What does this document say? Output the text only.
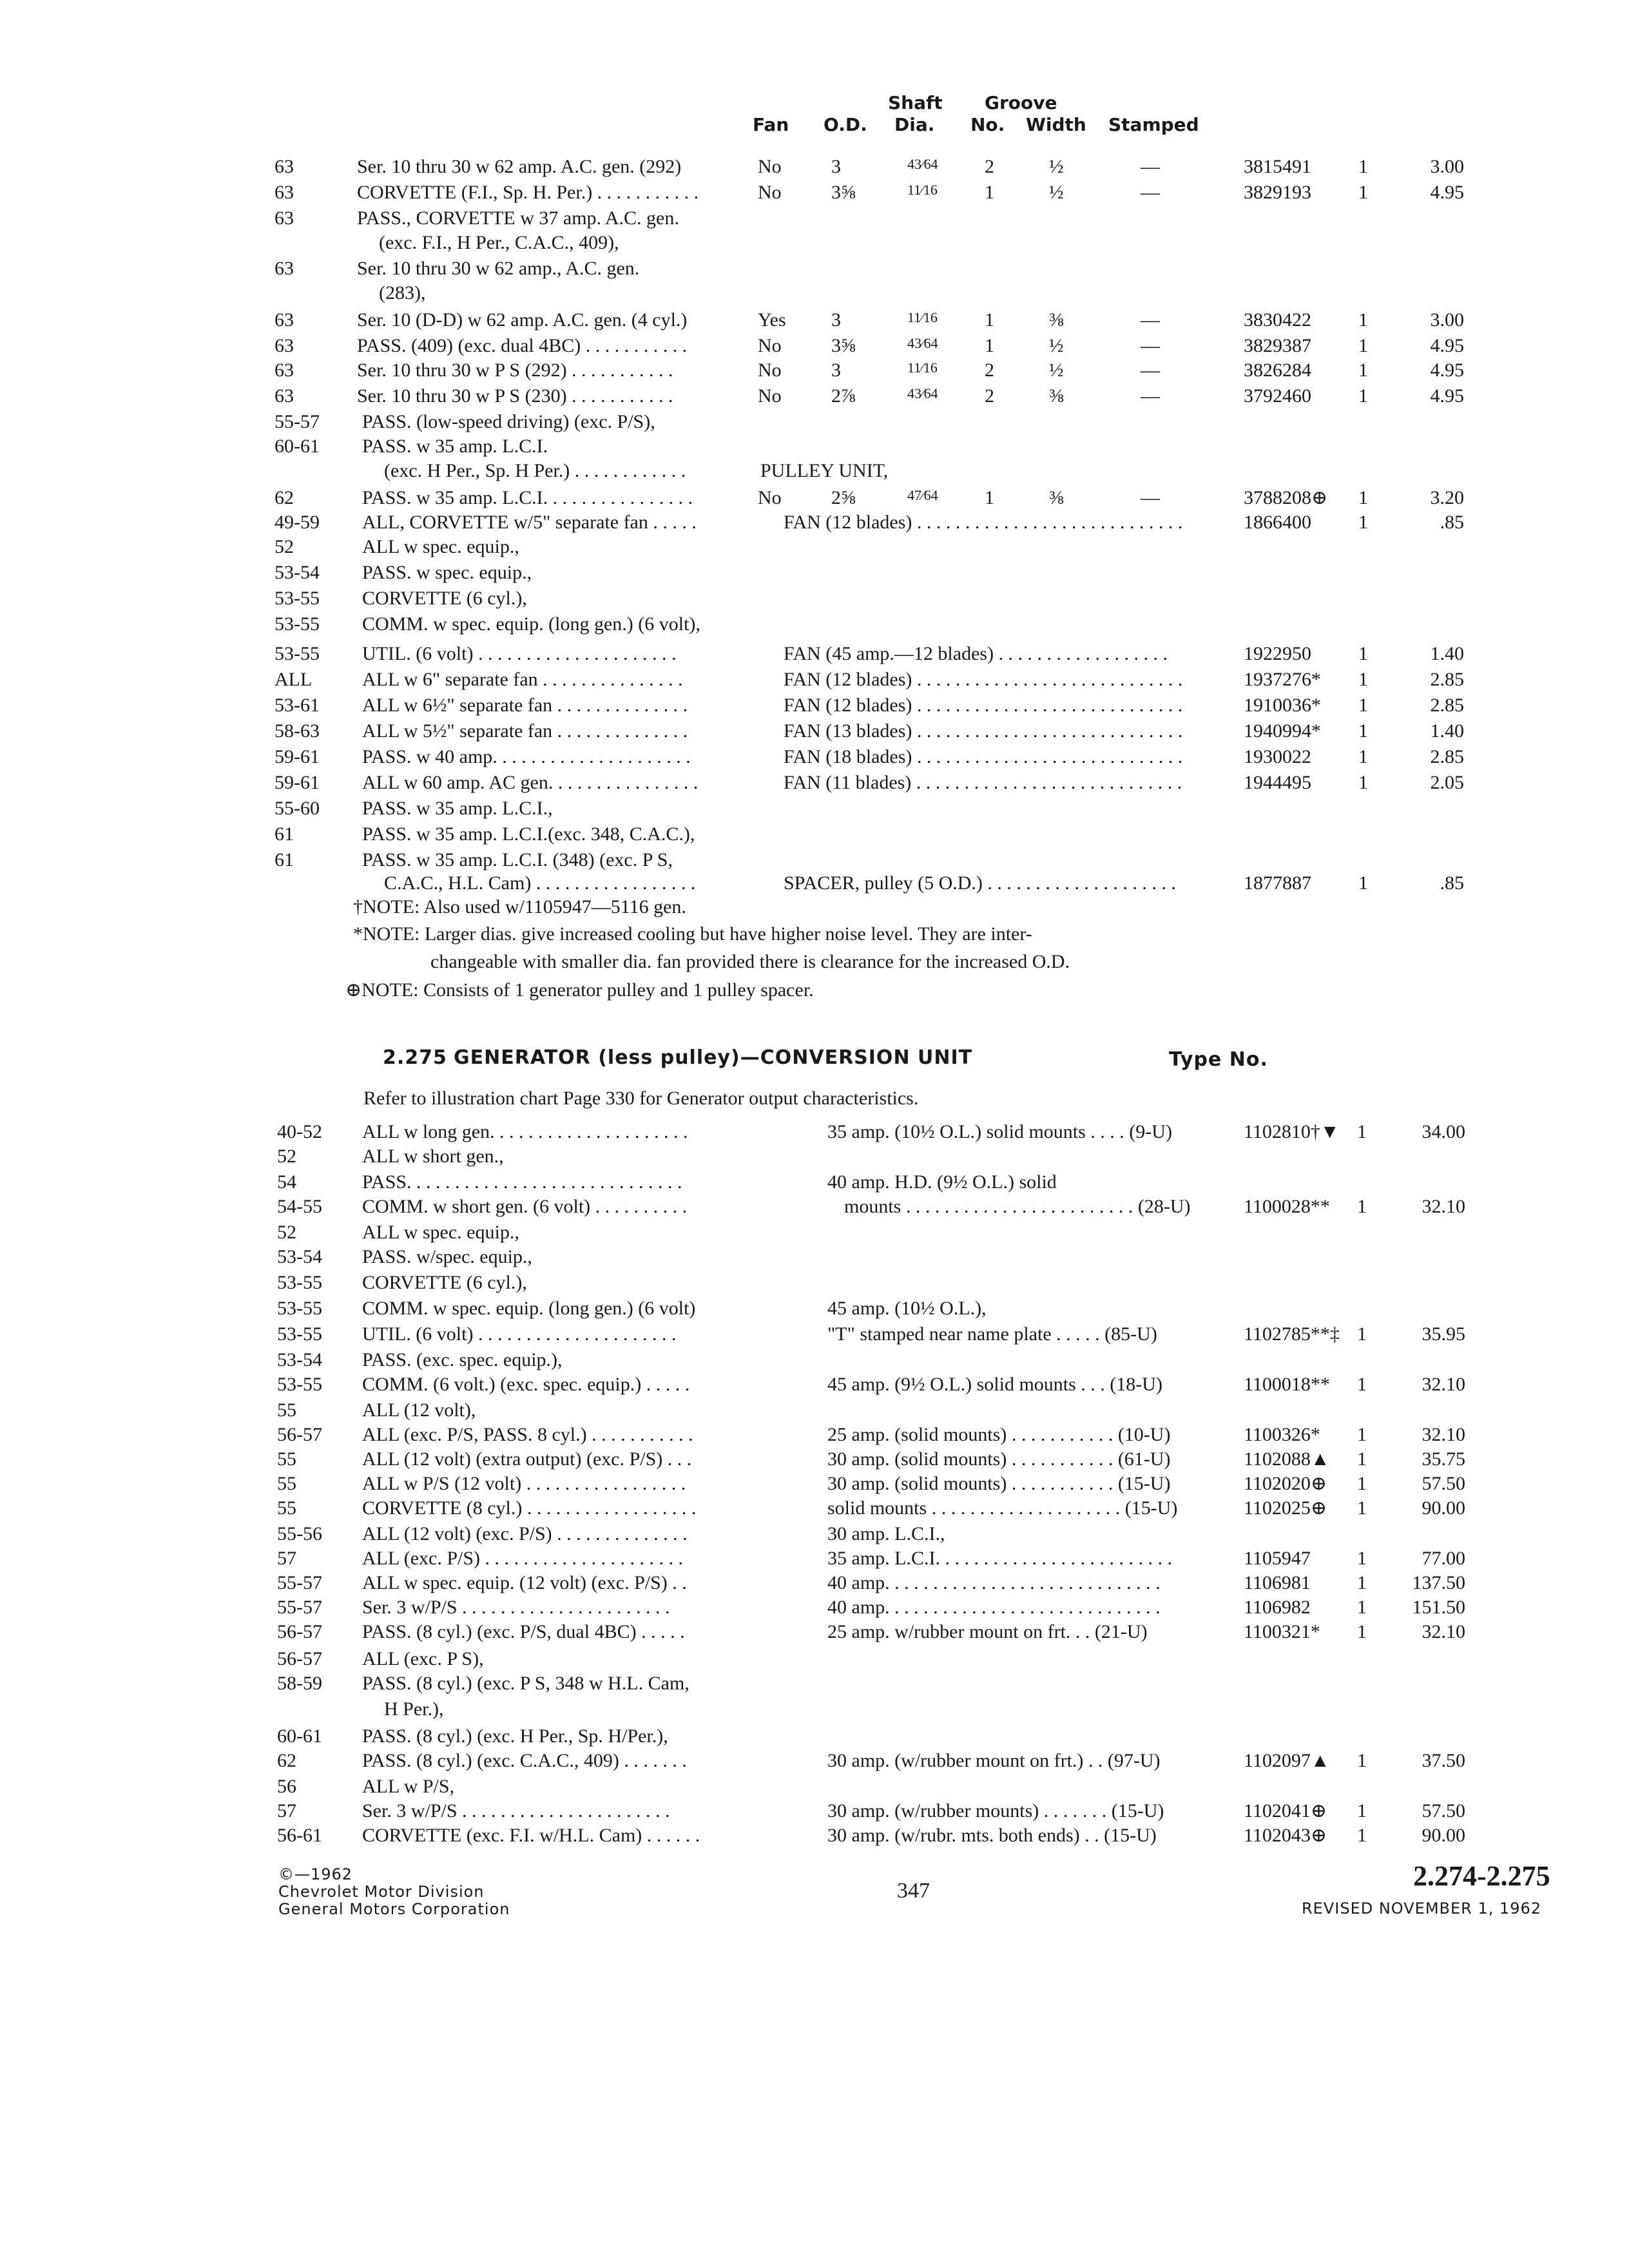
Shaft Groove
Fan O.D. Dia. No. Width Stamped
63	Ser. 10 thru 30 w 62 amp. A.C. gen. (292)	No	3	43⁄64 2	½	—	3815491 1	3.00
63	CORVETTE (F.I., Sp. H. Per.) . . . . . . . . . . .	No	3⅝	11⁄16 1	½	—	3829193 1	4.95
63	PASS., CORVETTE w 37 amp. A.C. gen.
(exc. F.I., H Per., C.A.C., 409),
63	Ser. 10 thru 30 w 62 amp., A.C. gen.
(283),
63	Ser. 10 (D-D) w 62 amp. A.C. gen. (4 cyl.)	Yes 3	11⁄16 1	⅜	—	3830422 1	3.00
63	PASS. (409) (exc. dual 4BC) . . . . . . . . . . .	No	3⅝	43⁄64 1	½	—	3829387 1	4.95
63	Ser. 10 thru 30 w P S (292) . . . . . . . . . . .	No	3	11⁄16 2	½	—	3826284 1	4.95
63	Ser. 10 thru 30 w P S (230) . . . . . . . . . . .	No	2⅞	43⁄64 2	⅜	—	3792460 1	4.95
55-57 PASS. (low-speed driving) (exc. P/S),
60-61 PASS. w 35 amp. L.C.I.
(exc. H Per., Sp. H Per.) . . . . . . . . . . . .	PULLEY UNIT,
62	PASS. w 35 amp. L.C.I. . . . . . . . . . . . . . . .	No	2⅝	47⁄64 1	⅜	—	3788208⊕ 1	3.20
49-59 ALL, CORVETTE w/5" separate fan . . . . .	FAN (12 blades) . . . . . . . . . . . . . . . . . . . . . . . . . . . .	1866400 1	.85
52	ALL w spec. equip.,
53-54 PASS. w spec. equip.,
53-55 CORVETTE (6 cyl.),
53-55 COMM. w spec. equip. (long gen.) (6 volt),
53-55 UTIL. (6 volt) . . . . . . . . . . . . . . . . . . . . .	FAN (45 amp.—12 blades) . . . . . . . . . . . . . . . . . .	1922950 1	1.40
ALL	ALL w 6" separate fan . . . . . . . . . . . . . . .	FAN (12 blades) . . . . . . . . . . . . . . . . . . . . . . . . . . . .	1937276* 1	2.85
53-61 ALL w 6½" separate fan . . . . . . . . . . . . . .	FAN (12 blades) . . . . . . . . . . . . . . . . . . . . . . . . . . . .	1910036* 1	2.85
58-63 ALL w 5½" separate fan . . . . . . . . . . . . . .	FAN (13 blades) . . . . . . . . . . . . . . . . . . . . . . . . . . . .	1940994* 1	1.40
59-61 PASS. w 40 amp. . . . . . . . . . . . . . . . . . . . .	FAN (18 blades) . . . . . . . . . . . . . . . . . . . . . . . . . . . .	1930022 1	2.85
59-61 ALL w 60 amp. AC gen. . . . . . . . . . . . . . . .	FAN (11 blades) . . . . . . . . . . . . . . . . . . . . . . . . . . . .	1944495 1	2.05
55-60 PASS. w 35 amp. L.C.I.,
61	PASS. w 35 amp. L.C.I.(exc. 348, C.A.C.),
61	PASS. w 35 amp. L.C.I. (348) (exc. P S,
C.A.C., H.L. Cam) . . . . . . . . . . . . . . . . .	SPACER, pulley (5 O.D.) . . . . . . . . . . . . . . . . . . . .	1877887 1	.85
†NOTE: Also used w/1105947—5116 gen.
*NOTE: Larger dias. give increased cooling but have higher noise level. They are inter-
changeable with smaller dia. fan provided there is clearance for the increased O.D.
⊕NOTE: Consists of 1 generator pulley and 1 pulley spacer.
2.275 GENERATOR (less pulley)—CONVERSION UNIT	Type No.
Refer to illustration chart Page 330 for Generator output characteristics.
40-52 ALL w long gen. . . . . . . . . . . . . . . . . . . . .	35 amp. (10½ O.L.) solid mounts . . . . (9-U)	1102810†▼ 1	34.00
52	ALL w short gen.,
54	PASS. . . . . . . . . . . . . . . . . . . . . . . . . . . . .	40 amp. H.D. (9½ O.L.) solid
54-55 COMM. w short gen. (6 volt) . . . . . . . . . .	mounts . . . . . . . . . . . . . . . . . . . . . . . . (28-U)	1100028** 1	32.10
52	ALL w spec. equip.,
53-54 PASS. w/spec. equip.,
53-55 CORVETTE (6 cyl.),
53-55 COMM. w spec. equip. (long gen.) (6 volt)	45 amp. (10½ O.L.),
53-55 UTIL. (6 volt) . . . . . . . . . . . . . . . . . . . . .	"T" stamped near name plate . . . . . (85-U)	1102785**‡ 1	35.95
53-54 PASS. (exc. spec. equip.),
53-55 COMM. (6 volt.) (exc. spec. equip.) . . . . .	45 amp. (9½ O.L.) solid mounts . . . (18-U)	1100018** 1	32.10
55	ALL (12 volt),
56-57 ALL (exc. P/S, PASS. 8 cyl.) . . . . . . . . . . .	25 amp. (solid mounts) . . . . . . . . . . . (10-U)	1100326* 1	32.10
55	ALL (12 volt) (extra output) (exc. P/S) . . .	30 amp. (solid mounts) . . . . . . . . . . . (61-U)	1102088▲ 1	35.75
55	ALL w P/S (12 volt) . . . . . . . . . . . . . . . . .	30 amp. (solid mounts) . . . . . . . . . . . (15-U)	1102020⊕ 1	57.50
55	CORVETTE (8 cyl.) . . . . . . . . . . . . . . . . . .	solid mounts . . . . . . . . . . . . . . . . . . . . (15-U)	1102025⊕ 1	90.00
55-56 ALL (12 volt) (exc. P/S) . . . . . . . . . . . . . .	30 amp. L.C.I.,
57	ALL (exc. P/S) . . . . . . . . . . . . . . . . . . . . .	35 amp. L.C.I. . . . . . . . . . . . . . . . . . . . . . . . .	1105947 1	77.00
55-57 ALL w spec. equip. (12 volt) (exc. P/S) . .	40 amp. . . . . . . . . . . . . . . . . . . . . . . . . . . . .	1106981 1 137.50
55-57 Ser. 3 w/P/S . . . . . . . . . . . . . . . . . . . . . .	40 amp. . . . . . . . . . . . . . . . . . . . . . . . . . . . .	1106982 1 151.50
56-57 PASS. (8 cyl.) (exc. P/S, dual 4BC) . . . . .	25 amp. w/rubber mount on frt. . . (21-U)	1100321* 1	32.10
56-57 ALL (exc. P S),
58-59 PASS. (8 cyl.) (exc. P S, 348 w H.L. Cam,
H Per.),
60-61 PASS. (8 cyl.) (exc. H Per., Sp. H/Per.),
62	PASS. (8 cyl.) (exc. C.A.C., 409) . . . . . . .	30 amp. (w/rubber mount on frt.) . . (97-U)	1102097▲ 1	37.50
56	ALL w P/S,
57	Ser. 3 w/P/S . . . . . . . . . . . . . . . . . . . . . .	30 amp. (w/rubber mounts) . . . . . . . (15-U)	1102041⊕ 1	57.50
56-61 CORVETTE (exc. F.I. w/H.L. Cam) . . . . . .	30 amp. (w/rubr. mts. both ends) . . (15-U)	1102043⊕ 1	90.00
©—1962
Chevrolet Motor Division
General Motors Corporation
347	2.274-2.275
REVISED NOVEMBER 1, 1962
